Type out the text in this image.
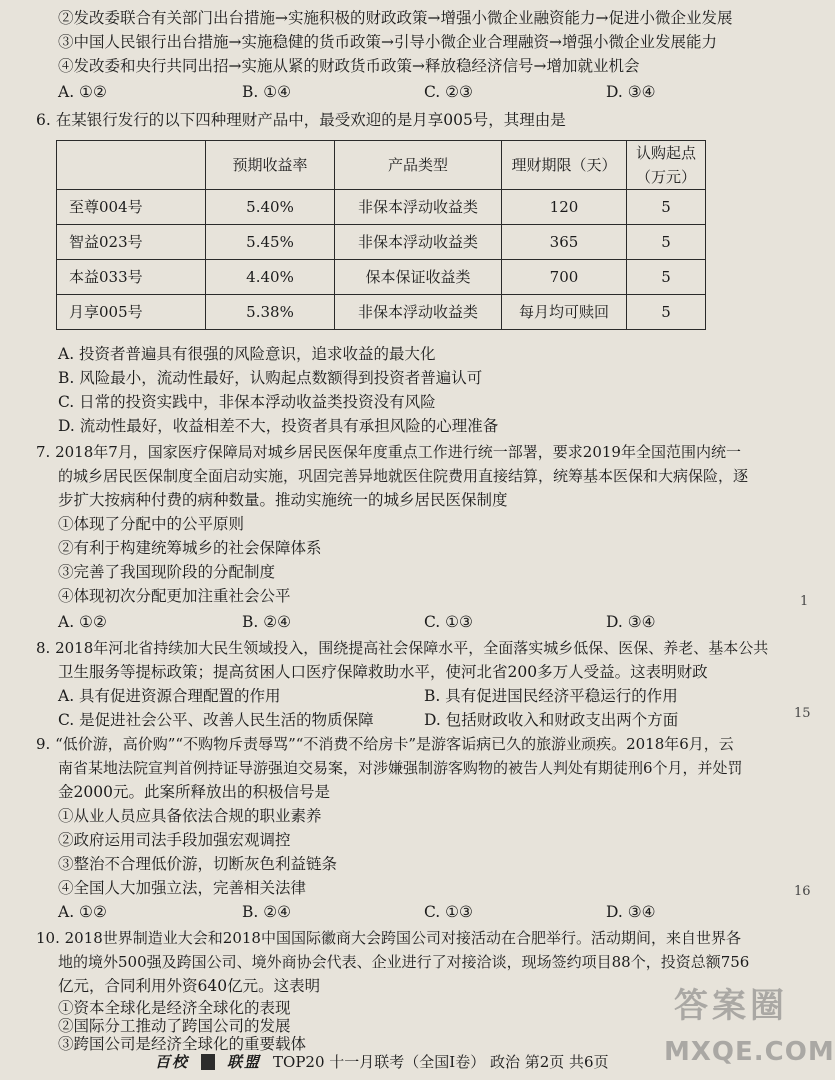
②发改委联合有关部门出台措施→实施积极的财政政策→增强小微企业融资能力→促进小微企业发展
③中国人民银行出台措施→实施稳健的货币政策→引导小微企业合理融资→增强小微企业发展能力
④发改委和央行共同出招→实施从紧的财政货币政策→释放稳经济信号→增加就业机会
A. ①②	B. ①④	C. ②③	D. ③④
6. 在某银行发行的以下四种理财产品中，最受欢迎的是月享005号，其理由是
	预期收益率	产品类型	理财期限（天）	认购起点（万元）
至尊004号	5.40%	非保本浮动收益类	120	5
智益023号	5.45%	非保本浮动收益类	365	5
本益033号	4.40%	保本保证收益类	700	5
月享005号	5.38%	非保本浮动收益类	每月均可赎回	5
A. 投资者普遍具有很强的风险意识，追求收益的最大化
B. 风险最小，流动性最好，认购起点数额得到投资者普遍认可
C. 日常的投资实践中，非保本浮动收益类投资没有风险
D. 流动性最好，收益相差不大，投资者具有承担风险的心理准备
7. 2018年7月，国家医疗保障局对城乡居民医保年度重点工作进行统一部署，要求2019年全国范围内统一
的城乡居民医保制度全面启动实施，巩固完善异地就医住院费用直接结算，统筹基本医保和大病保险，逐
步扩大按病种付费的病种数量。推动实施统一的城乡居民医保制度
①体现了分配中的公平原则
②有利于构建统筹城乡的社会保障体系
③完善了我国现阶段的分配制度
④体现初次分配更加注重社会公平
A. ①②	B. ②④	C. ①③	D. ③④
8. 2018年河北省持续加大民生领域投入，围绕提高社会保障水平，全面落实城乡低保、医保、养老、基本公共
卫生服务等提标政策；提高贫困人口医疗保障救助水平，使河北省200多万人受益。这表明财政
A. 具有促进资源合理配置的作用	B. 具有促进国民经济平稳运行的作用
C. 是促进社会公平、改善人民生活的物质保障	D. 包括财政收入和财政支出两个方面
9. “低价游，高价购”“不购物斥责辱骂”“不消费不给房卡”是游客诟病已久的旅游业顽疾。2018年6月，云
南省某地法院宣判首例持证导游强迫交易案，对涉嫌强制游客购物的被告人判处有期徒刑6个月，并处罚
金2000元。此案所释放出的积极信号是
①从业人员应具备依法合规的职业素养
②政府运用司法手段加强宏观调控
③整治不合理低价游，切断灰色利益链条
④全国人大加强立法，完善相关法律
A. ①②	B. ②④	C. ①③	D. ③④
10. 2018世界制造业大会和2018中国国际徽商大会跨国公司对接活动在合肥举行。活动期间，来自世界各
地的境外500强及跨国公司、境外商协会代表、企业进行了对接洽谈，现场签约项目88个，投资总额756
亿元，合同利用外资640亿元。这表明
①资本全球化是经济全球化的表现
②国际分工推动了跨国公司的发展
③跨国公司是经济全球化的重要载体
1
15
16
百校	联盟 TOP20 十一月联考（全国Ⅰ卷） 政治 第2页 共6页
答案圈
MXQE.COM
